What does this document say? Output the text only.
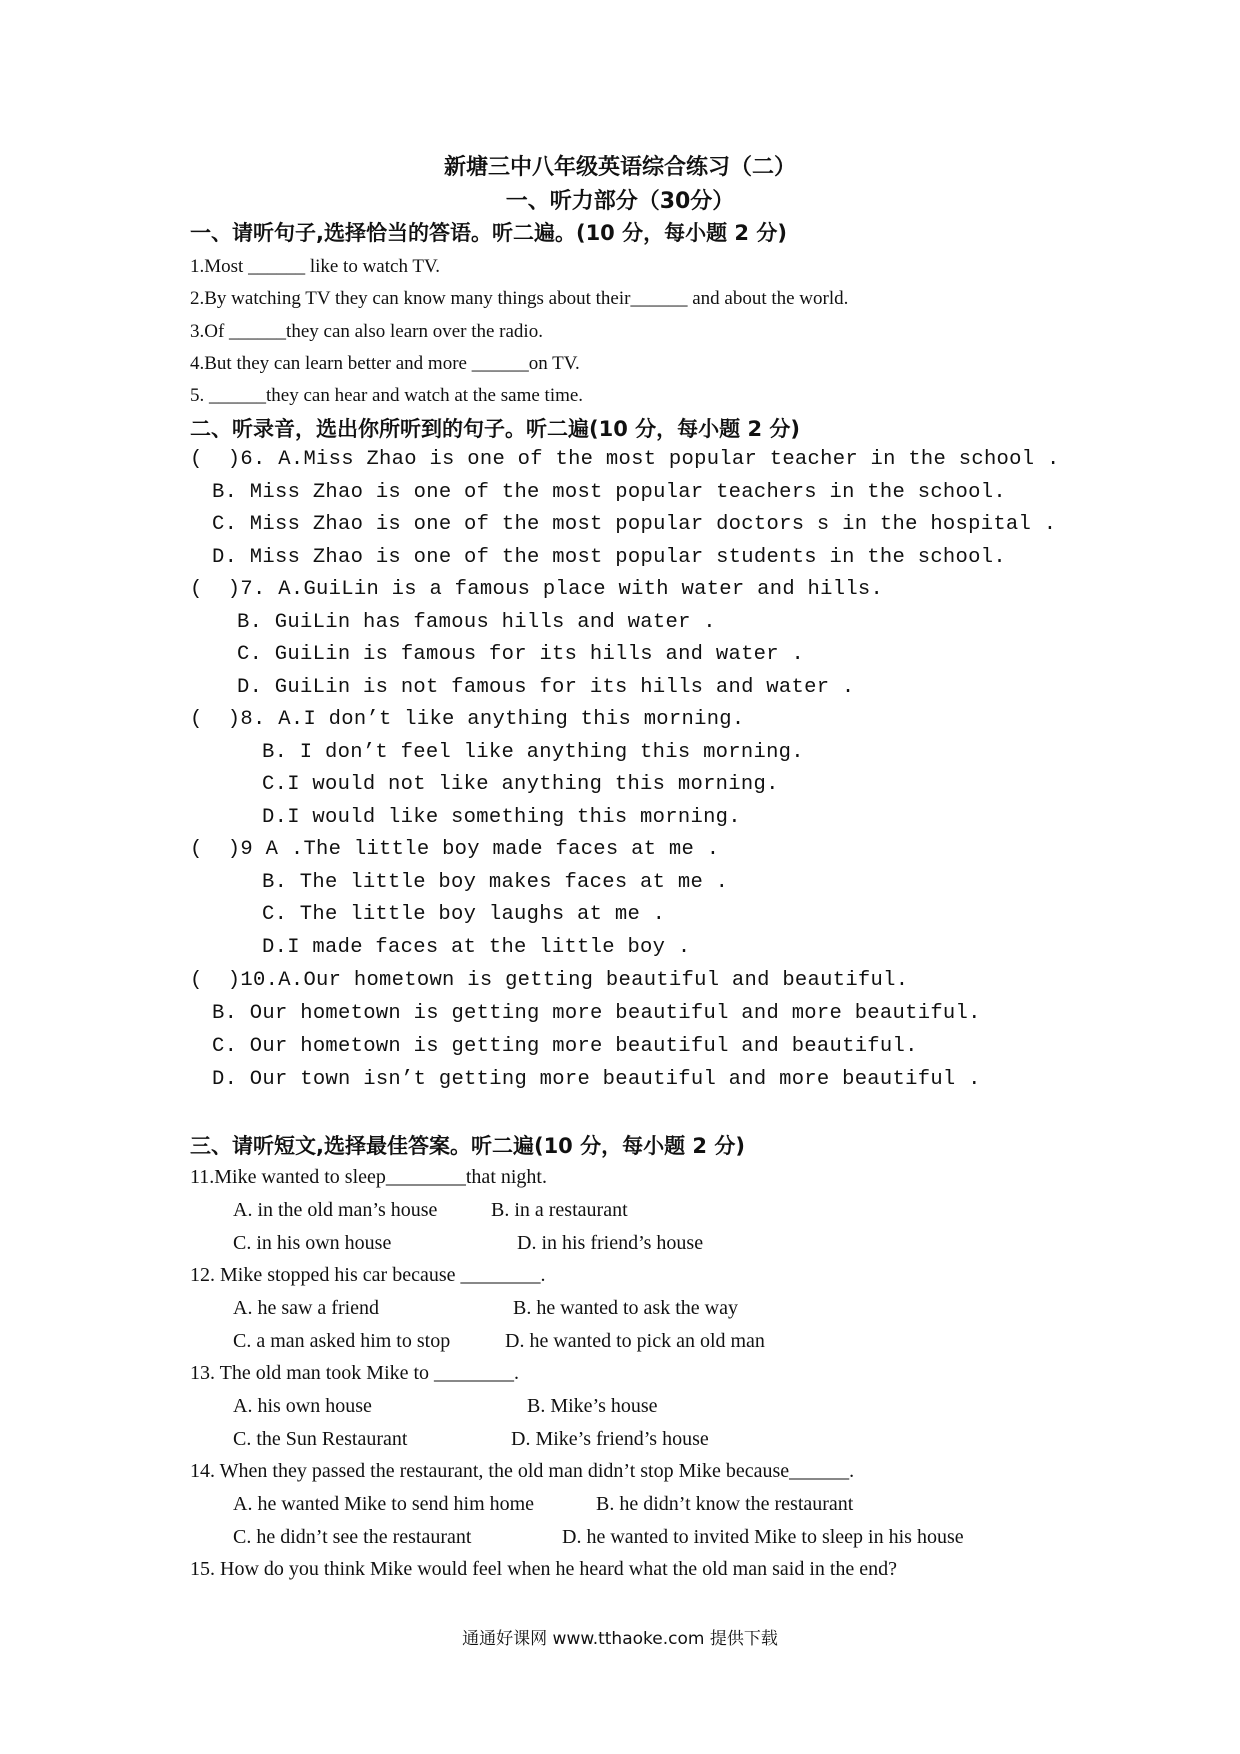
新塘三中八年级英语综合练习（二）
一、听力部分（30分）
一、请听句子,选择恰当的答语。听二遍。(10 分，每小题 2 分)
1.Most ______ like to watch TV.
2.By watching TV they can know many things about their______ and about the world.
3.Of ______they can also learn over the radio.
4.But they can learn better and more ______on TV.
5. ______they can hear and watch at the same time.
二、听录音，选出你所听到的句子。听二遍(10 分，每小题 2 分)
(  )6. A.Miss Zhao is one of the most popular teacher in the school .
B. Miss Zhao is one of the most popular teachers in the school.
C. Miss Zhao is one of the most popular doctors s in the hospital .
D. Miss Zhao is one of the most popular students in the school.
(  )7. A.GuiLin is a famous place with water and hills.
B. GuiLin has famous hills and water .
C. GuiLin is famous for its hills and water .
D. GuiLin is not famous for its hills and water .
(  )8. A.I don’t like anything this morning.
B. I don’t feel like anything this morning.
C.I would not like anything this morning.
D.I would like something this morning.
(  )9 A .The little boy made faces at me .
B. The little boy makes faces at me .
C. The little boy laughs at me .
D.I made faces at the little boy .
(  )10.A.Our hometown is getting beautiful and beautiful.
B. Our hometown is getting more beautiful and more beautiful.
C. Our hometown is getting more beautiful and beautiful.
D. Our town isn’t getting more beautiful and more beautiful .
三、请听短文,选择最佳答案。听二遍(10 分，每小题 2 分)
11.Mike wanted to sleep________that night.
A. in the old man’s house	B. in a restaurant
C. in his own house	D. in his friend’s house
12. Mike stopped his car because ________.
A. he saw a friend	B. he wanted to ask the way
C. a man asked him to stop	D. he wanted to pick an old man
13. The old man took Mike to ________.
A. his own house	B. Mike’s house
C. the Sun Restaurant	D. Mike’s friend’s house
14. When they passed the restaurant, the old man didn’t stop Mike because______.
A. he wanted Mike to send him home	B. he didn’t know the restaurant
C. he didn’t see the restaurant	D. he wanted to invited Mike to sleep in his house
15. How do you think Mike would feel when he heard what the old man said in the end?
通通好课网 www.tthaoke.com 提供下载
